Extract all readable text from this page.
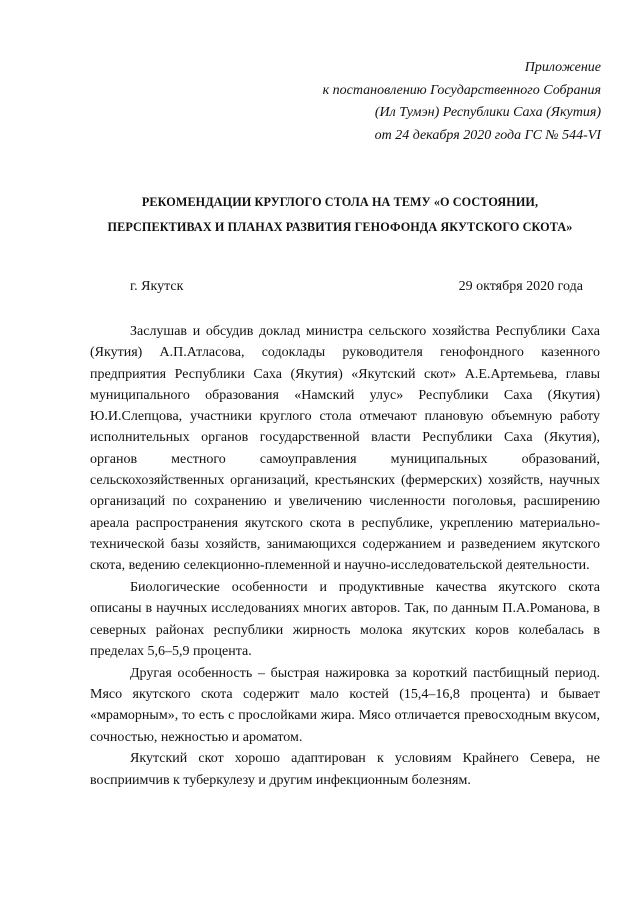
Приложение
к постановлению Государственного Собрания
(Ил Тумэн) Республики Саха (Якутия)
от 24 декабря 2020 года ГС № 544-VI
РЕКОМЕНДАЦИИ КРУГЛОГО СТОЛА НА ТЕМУ «О СОСТОЯНИИ,
ПЕРСПЕКТИВАХ И ПЛАНАХ РАЗВИТИЯ ГЕНОФОНДА ЯКУТСКОГО СКОТА»
г. Якутск	29 октября 2020 года

Заслушав и обсудив доклад министра сельского хозяйства Республики Саха (Якутия) А.П.Атласова, содоклады руководителя генофондного казенного предприятия Республики Саха (Якутия) «Якутский скот» А.Е.Артемьева, главы муниципального образования «Намский улус» Республики Саха (Якутия) Ю.И.Слепцова, участники круглого стола отмечают плановую объемную работу исполнительных органов государственной власти Республики Саха (Якутия), органов местного самоуправления муниципальных образований, сельскохозяйственных организаций, крестьянских (фермерских) хозяйств, научных организаций по сохранению и увеличению численности поголовья, расширению ареала распространения якутского скота в республике, укреплению материально-технической базы хозяйств, занимающихся содержанием и разведением якутского скота, ведению селекционно-племенной и научно-исследовательской деятельности.

Биологические особенности и продуктивные качества якутского скота описаны в научных исследованиях многих авторов. Так, по данным П.А.Романова, в северных районах республики жирность молока якутских коров колебалась в пределах 5,6–5,9 процента.

Другая особенность – быстрая нажировка за короткий пастбищный период. Мясо якутского скота содержит мало костей (15,4–16,8 процента) и бывает «мраморным», то есть с прослойками жира. Мясо отличается превосходным вкусом, сочностью, нежностью и ароматом.

Якутский скот хорошо адаптирован к условиям Крайнего Севера, не восприимчив к туберкулезу и другим инфекционным болезням.
